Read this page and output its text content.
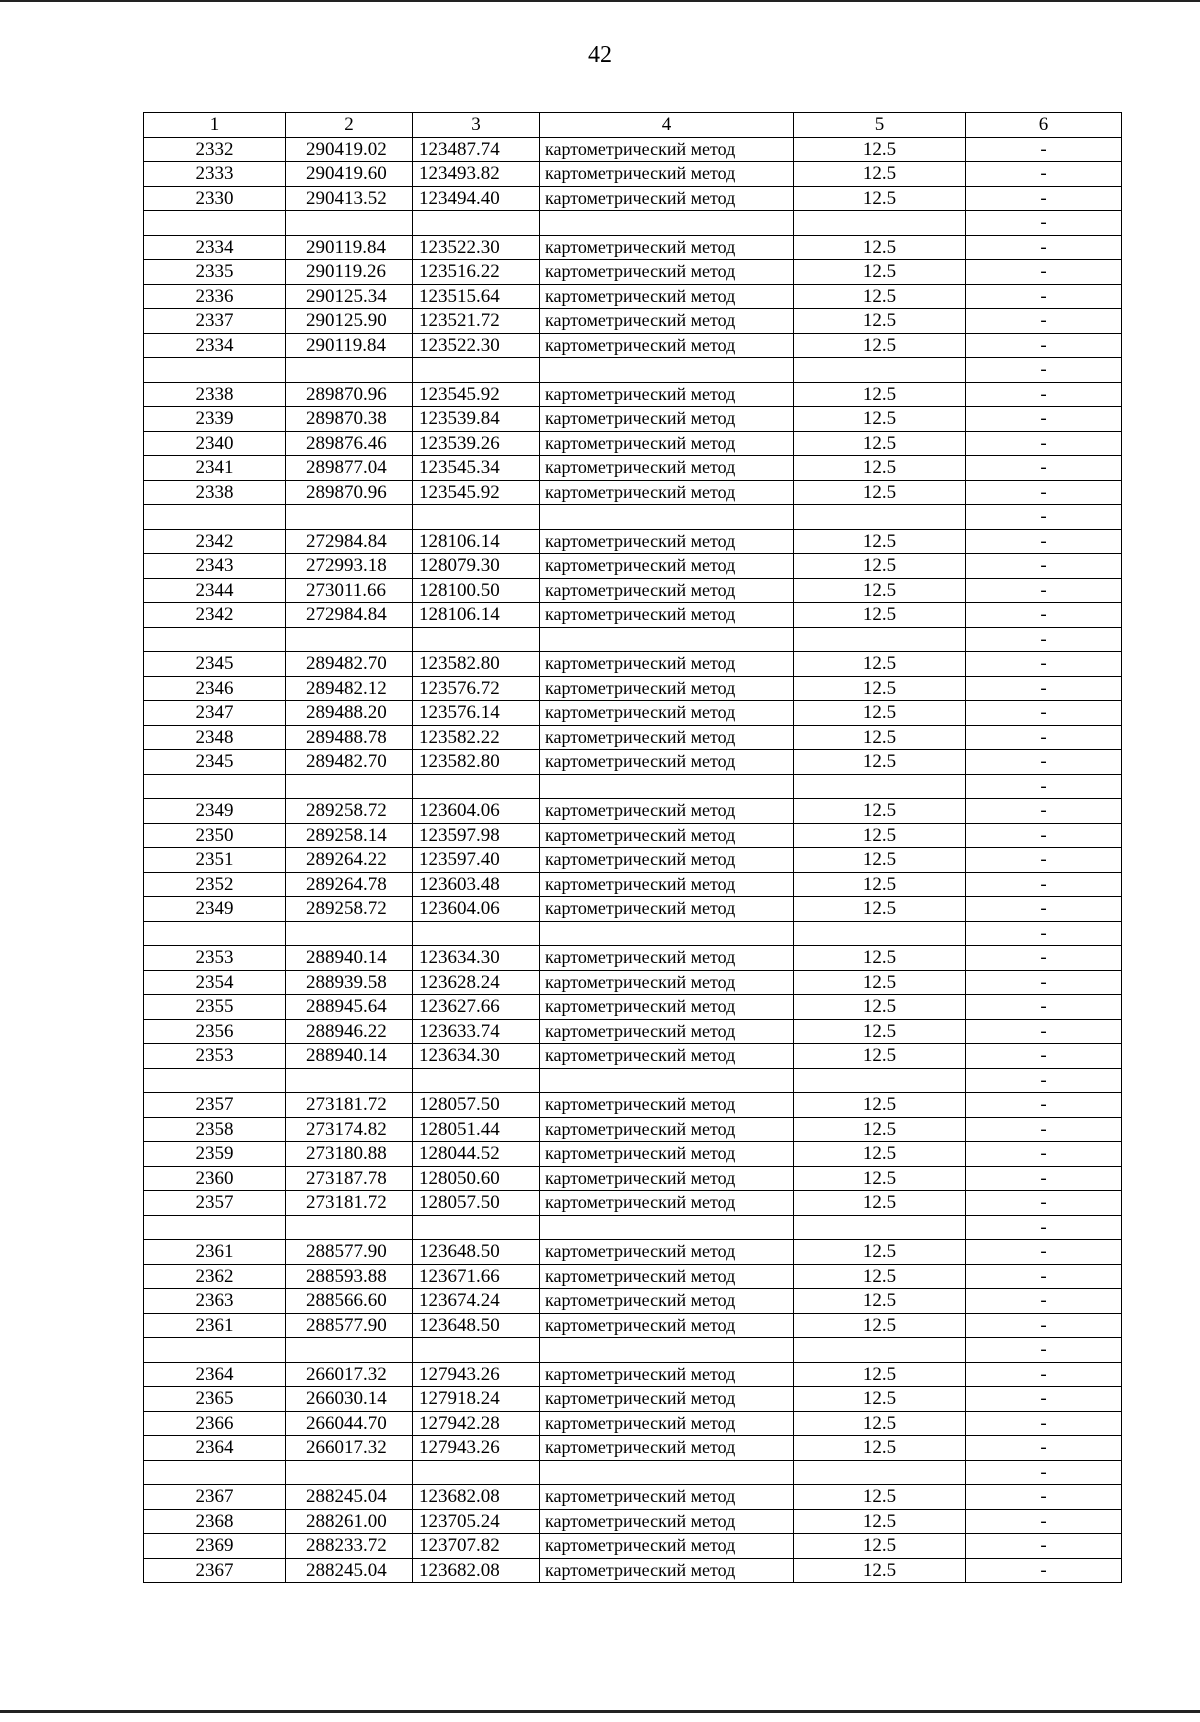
42
1	2	3	4	5	6
2332	290419.02	123487.74	картометрический метод	12.5	-
2333	290419.60	123493.82	картометрический метод	12.5	-
2330	290413.52	123494.40	картометрический метод	12.5	-
					-
2334	290119.84	123522.30	картометрический метод	12.5	-
2335	290119.26	123516.22	картометрический метод	12.5	-
2336	290125.34	123515.64	картометрический метод	12.5	-
2337	290125.90	123521.72	картометрический метод	12.5	-
2334	290119.84	123522.30	картометрический метод	12.5	-
					-
2338	289870.96	123545.92	картометрический метод	12.5	-
2339	289870.38	123539.84	картометрический метод	12.5	-
2340	289876.46	123539.26	картометрический метод	12.5	-
2341	289877.04	123545.34	картометрический метод	12.5	-
2338	289870.96	123545.92	картометрический метод	12.5	-
					-
2342	272984.84	128106.14	картометрический метод	12.5	-
2343	272993.18	128079.30	картометрический метод	12.5	-
2344	273011.66	128100.50	картометрический метод	12.5	-
2342	272984.84	128106.14	картометрический метод	12.5	-
					-
2345	289482.70	123582.80	картометрический метод	12.5	-
2346	289482.12	123576.72	картометрический метод	12.5	-
2347	289488.20	123576.14	картометрический метод	12.5	-
2348	289488.78	123582.22	картометрический метод	12.5	-
2345	289482.70	123582.80	картометрический метод	12.5	-
					-
2349	289258.72	123604.06	картометрический метод	12.5	-
2350	289258.14	123597.98	картометрический метод	12.5	-
2351	289264.22	123597.40	картометрический метод	12.5	-
2352	289264.78	123603.48	картометрический метод	12.5	-
2349	289258.72	123604.06	картометрический метод	12.5	-
					-
2353	288940.14	123634.30	картометрический метод	12.5	-
2354	288939.58	123628.24	картометрический метод	12.5	-
2355	288945.64	123627.66	картометрический метод	12.5	-
2356	288946.22	123633.74	картометрический метод	12.5	-
2353	288940.14	123634.30	картометрический метод	12.5	-
					-
2357	273181.72	128057.50	картометрический метод	12.5	-
2358	273174.82	128051.44	картометрический метод	12.5	-
2359	273180.88	128044.52	картометрический метод	12.5	-
2360	273187.78	128050.60	картометрический метод	12.5	-
2357	273181.72	128057.50	картометрический метод	12.5	-
					-
2361	288577.90	123648.50	картометрический метод	12.5	-
2362	288593.88	123671.66	картометрический метод	12.5	-
2363	288566.60	123674.24	картометрический метод	12.5	-
2361	288577.90	123648.50	картометрический метод	12.5	-
					-
2364	266017.32	127943.26	картометрический метод	12.5	-
2365	266030.14	127918.24	картометрический метод	12.5	-
2366	266044.70	127942.28	картометрический метод	12.5	-
2364	266017.32	127943.26	картометрический метод	12.5	-
					-
2367	288245.04	123682.08	картометрический метод	12.5	-
2368	288261.00	123705.24	картометрический метод	12.5	-
2369	288233.72	123707.82	картометрический метод	12.5	-
2367	288245.04	123682.08	картометрический метод	12.5	-
